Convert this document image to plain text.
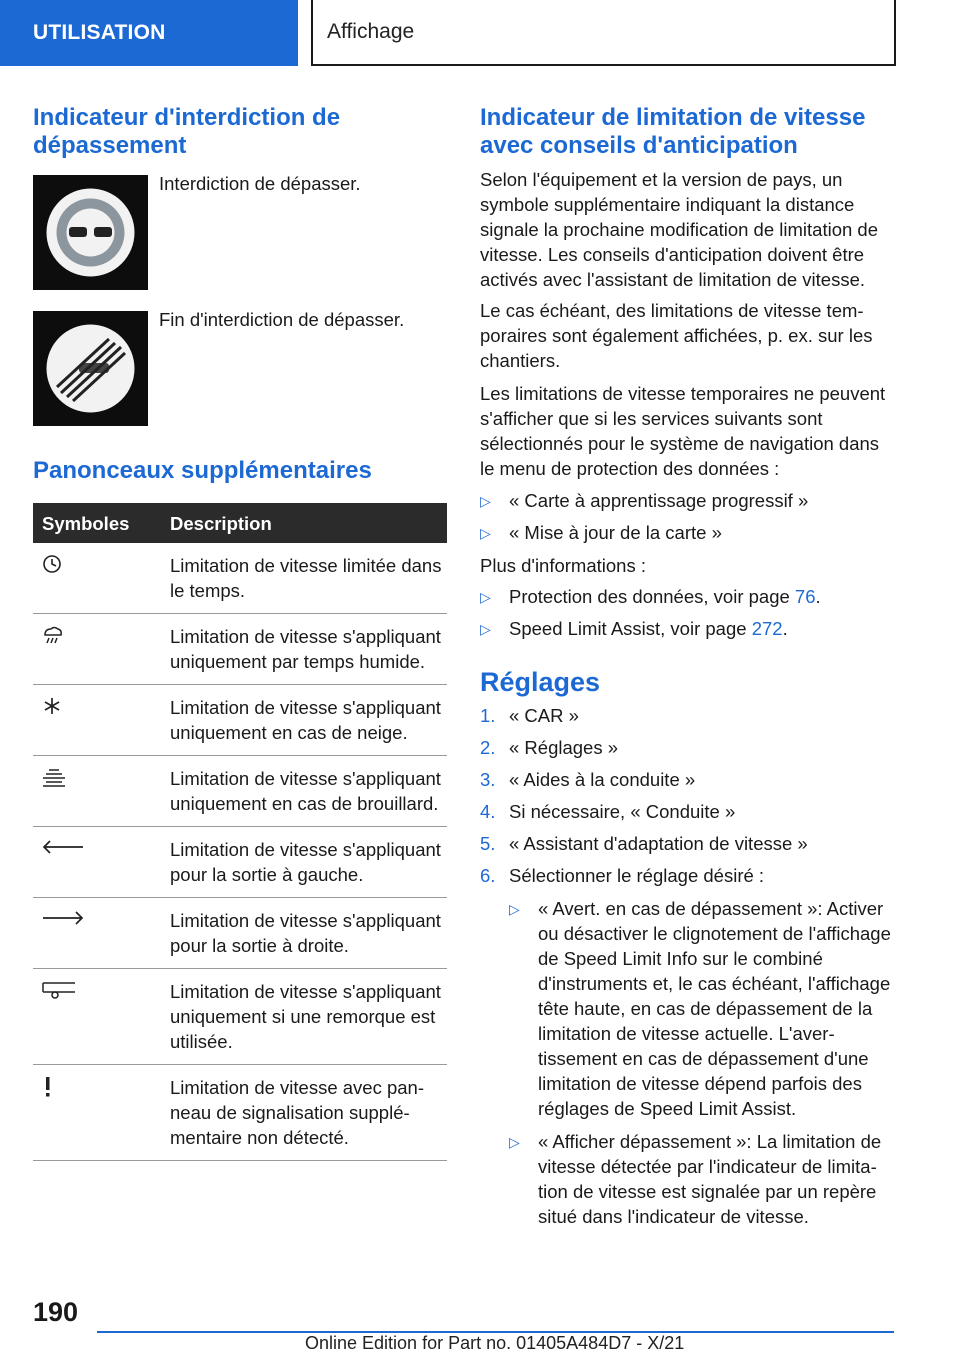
UTILISATION	Affichage
Indicateur d'interdiction de dépassement

Interdiction de dépasser.

Fin d'interdiction de dépasser.

Panonceaux supplémentaires
Symboles	Description
	Limitation de vitesse limitée dans le temps.
	Limitation de vitesse s'appliquant uniquement par temps humide.
	Limitation de vitesse s'appliquant uniquement en cas de neige.
	Limitation de vitesse s'appliquant uniquement en cas de brouillard.
	Limitation de vitesse s'appliquant pour la sortie à gauche.
	Limitation de vitesse s'appliquant pour la sortie à droite.
	Limitation de vitesse s'appliquant uniquement si une remorque est utilisée.
	Limitation de vitesse avec panneau de signalisation supplémentaire non détecté.
Indicateur de limitation de vitesse avec conseils d'anticipation

Selon l'équipement et la version de pays, un symbole supplémentaire indiquant la distance signale la prochaine modification de limitation de vitesse. Les conseils d'anticipation doivent être activés avec l'assistant de limitation de vitesse.

Le cas échéant, des limitations de vitesse temporaires sont également affichées, p. ex. sur les chantiers.

Les limitations de vitesse temporaires ne peuvent s'afficher que si les services suivants sont sélectionnés pour le système de navigation dans le menu de protection des données :

▷ « Carte à apprentissage progressif »
▷ « Mise à jour de la carte »

Plus d'informations :

▷ Protection des données, voir page 76.
▷ Speed Limit Assist, voir page 272.
Réglages
1. « CAR »
2. « Réglages »
3. « Aides à la conduite »
4. Si nécessaire, « Conduite »
5. « Assistant d'adaptation de vitesse »
6. Sélectionner le réglage désiré :
▷ « Avert. en cas de dépassement »: Activer ou désactiver le clignotement de l'affichage de Speed Limit Info sur le combiné d'instruments et, le cas échéant, l'affichage tête haute, en cas de dépassement de la limitation de vitesse actuelle. L'avertissement en cas de dépassement d'une limitation de vitesse dépend parfois des réglages de Speed Limit Assist.
▷ « Afficher dépassement »: La limitation de vitesse détectée par l'indicateur de limitation de vitesse est signalée par un repère situé dans l'indicateur de vitesse.
190
Online Edition for Part no. 01405A484D7 - X/21
